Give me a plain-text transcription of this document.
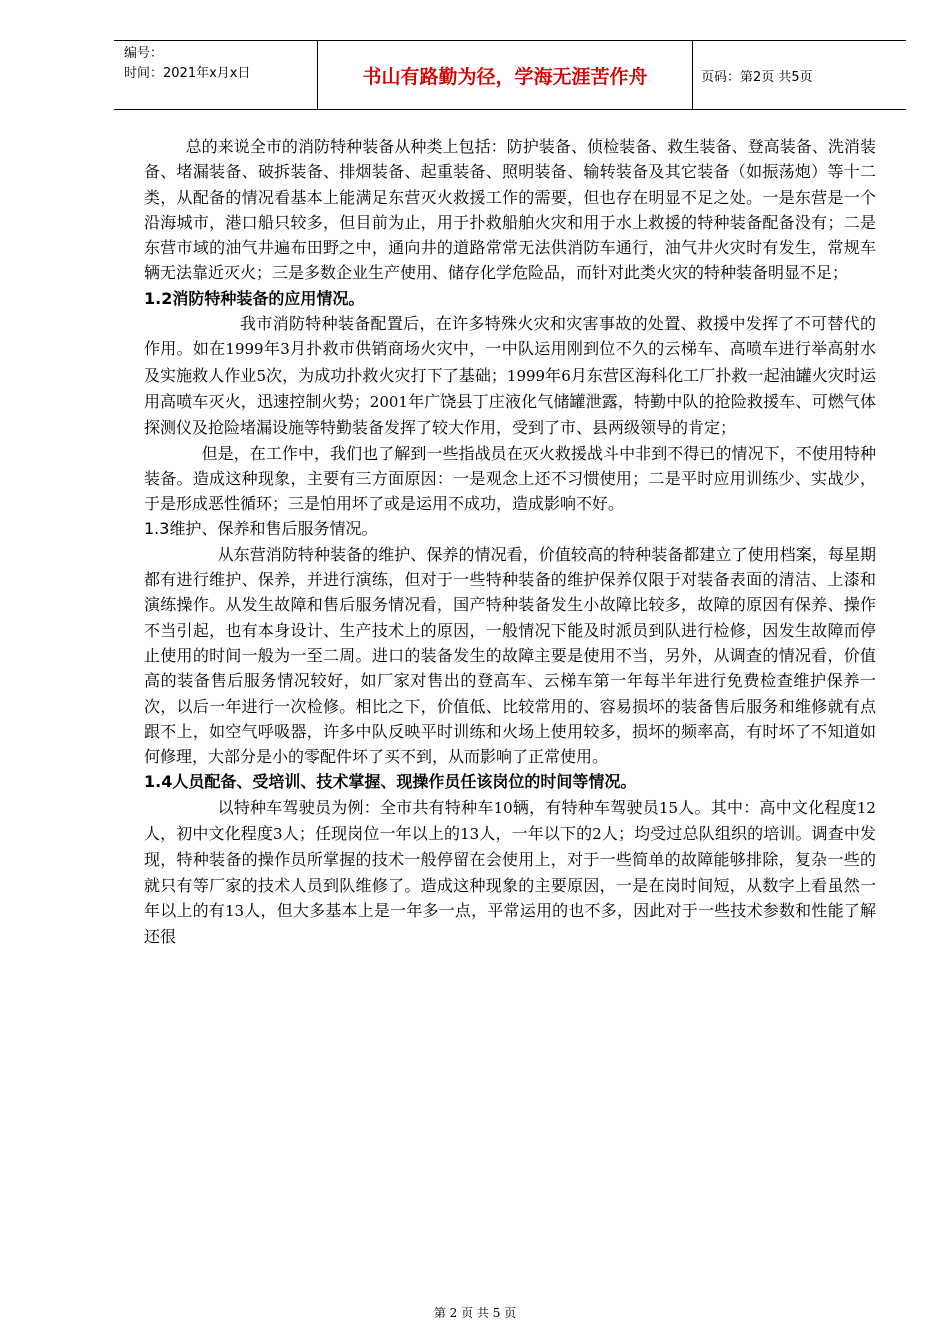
编号：
时间：2021年x月x日	书山有路勤为径，学海无涯苦作舟	页码：第2页 共5页

总的来说全市的消防特种装备从种类上包括：防护装备、侦检装备、救生装备、登高装备、洗消装备、堵漏装备、破拆装备、排烟装备、起重装备、照明装备、输转装备及其它装备（如振荡炮）等十二类，从配备的情况看基本上能满足东营灭火救援工作的需要，但也存在明显不足之处。一是东营是一个沿海城市，港口船只较多，但目前为止，用于扑救船舶火灾和用于水上救援的特种装备配备没有；二是东营市域的油气井遍布田野之中，通向井的道路常常无法供消防车通行，油气井火灾时有发生，常规车辆无法靠近灭火；三是多数企业生产使用、储存化学危险品，而针对此类火灾的特种装备明显不足；

1.2消防特种装备的应用情况。

我市消防特种装备配置后，在许多特殊火灾和灾害事故的处置、救援中发挥了不可替代的作用。如在1999年3月扑救市供销商场火灾中，一中队运用刚到位不久的云梯车、高喷车进行举高射水及实施救人作业5次，为成功扑救火灾打下了基础；1999年6月东营区海科化工厂扑救一起油罐火灾时运用高喷车灭火，迅速控制火势；2001年广饶县丁庄液化气储罐泄露，特勤中队的抢险救援车、可燃气体探测仪及抢险堵漏设施等特勤装备发挥了较大作用，受到了市、县两级领导的肯定；

但是，在工作中，我们也了解到一些指战员在灭火救援战斗中非到不得已的情况下，不使用特种装备。造成这种现象，主要有三方面原因：一是观念上还不习惯使用；二是平时应用训练少、实战少，于是形成恶性循环；三是怕用坏了或是运用不成功，造成影响不好。

1.3维护、保养和售后服务情况。

从东营消防特种装备的维护、保养的情况看，价值较高的特种装备都建立了使用档案，每星期都有进行维护、保养，并进行演练，但对于一些特种装备的维护保养仅限于对装备表面的清洁、上漆和演练操作。从发生故障和售后服务情况看，国产特种装备发生小故障比较多，故障的原因有保养、操作不当引起，也有本身设计、生产技术上的原因，一般情况下能及时派员到队进行检修，因发生故障而停止使用的时间一般为一至二周。进口的装备发生的故障主要是使用不当，另外，从调查的情况看，价值高的装备售后服务情况较好，如厂家对售出的登高车、云梯车第一年每半年进行免费检查维护保养一次，以后一年进行一次检修。相比之下，价值低、比较常用的、容易损坏的装备售后服务和维修就有点跟不上，如空气呼吸器，许多中队反映平时训练和火场上使用较多，损坏的频率高，有时坏了不知道如何修理，大部分是小的零配件坏了买不到，从而影响了正常使用。

1.4人员配备、受培训、技术掌握、现操作员任该岗位的时间等情况。

以特种车驾驶员为例：全市共有特种车10辆，有特种车驾驶员15人。其中：高中文化程度12人，初中文化程度3人；任现岗位一年以上的13人，一年以下的2人；均受过总队组织的培训。调查中发现，特种装备的操作员所掌握的技术一般停留在会使用上，对于一些简单的故障能够排除，复杂一些的就只有等厂家的技术人员到队维修了。造成这种现象的主要原因，一是在岗时间短，从数字上看虽然一年以上的有13人，但大多基本上是一年多一点，平常运用的也不多，因此对于一些技术参数和性能了解还很

第 2 页 共 5 页
